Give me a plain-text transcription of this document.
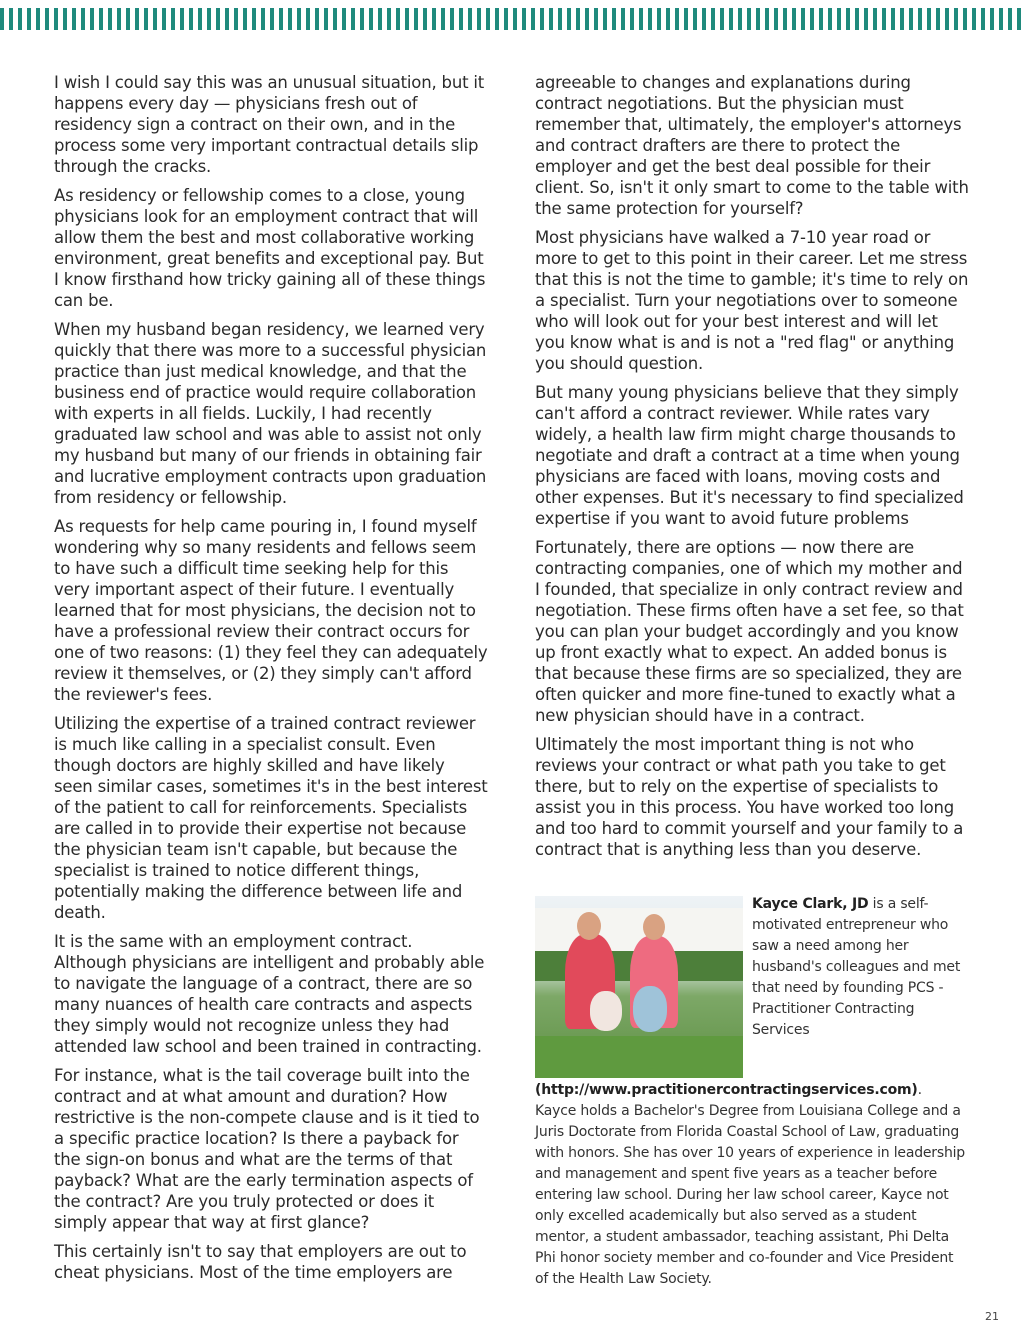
I wish I could say this was an unusual situation, but it happens every day — physicians fresh out of residency sign a contract on their own, and in the process some very important contractual details slip through the cracks.

As residency or fellowship comes to a close, young physicians look for an employment contract that will allow them the best and most collaborative working environment, great benefits and exceptional pay. But I know firsthand how tricky gaining all of these things can be.

When my husband began residency, we learned very quickly that there was more to a successful physician practice than just medical knowledge, and that the business end of practice would require collaboration with experts in all fields. Luckily, I had recently graduated law school and was able to assist not only my husband but many of our friends in obtaining fair and lucrative employment contracts upon graduation from residency or fellowship.

As requests for help came pouring in, I found myself wondering why so many residents and fellows seem to have such a difficult time seeking help for this very important aspect of their future. I eventually learned that for most physicians, the decision not to have a professional review their contract occurs for one of two reasons: (1) they feel they can adequately review it themselves, or (2) they simply can't afford the reviewer's fees.

Utilizing the expertise of a trained contract reviewer is much like calling in a specialist consult. Even though doctors are highly skilled and have likely seen similar cases, sometimes it's in the best interest of the patient to call for reinforcements. Specialists are called in to provide their expertise not because the physician team isn't capable, but because the specialist is trained to notice different things, potentially making the difference between life and death.

It is the same with an employment contract. Although physicians are intelligent and probably able to navigate the language of a contract, there are so many nuances of health care contracts and aspects they simply would not recognize unless they had attended law school and been trained in contracting.

For instance, what is the tail coverage built into the contract and at what amount and duration? How restrictive is the non-compete clause and is it tied to a specific practice location? Is there a payback for the sign-on bonus and what are the terms of that payback? What are the early termination aspects of the contract? Are you truly protected or does it simply appear that way at first glance?

This certainly isn't to say that employers are out to cheat physicians. Most of the time employers are

agreeable to changes and explanations during contract negotiations. But the physician must remember that, ultimately, the employer's attorneys and contract drafters are there to protect the employer and get the best deal possible for their client. So, isn't it only smart to come to the table with the same protection for yourself?

Most physicians have walked a 7-10 year road or more to get to this point in their career. Let me stress that this is not the time to gamble; it's time to rely on a specialist. Turn your negotiations over to someone who will look out for your best interest and will let you know what is and is not a "red flag" or anything you should question.

But many young physicians believe that they simply can't afford a contract reviewer. While rates vary widely, a health law firm might charge thousands to negotiate and draft a contract at a time when young physicians are faced with loans, moving costs and other expenses. But it's necessary to find specialized expertise if you want to avoid future problems

Fortunately, there are options — now there are contracting companies, one of which my mother and I founded, that specialize in only contract review and negotiation. These firms often have a set fee, so that you can plan your budget accordingly and you know up front exactly what to expect. An added bonus is that because these firms are so specialized, they are often quicker and more fine-tuned to exactly what a new physician should have in a contract.

Ultimately the most important thing is not who reviews your contract or what path you take to get there, but to rely on the expertise of specialists to assist you in this process. You have worked too long and too hard to commit yourself and your family to a contract that is anything less than you deserve.

Kayce Clark, JD is a self-motivated entrepreneur who saw a need among her husband's colleagues and met that need by founding PCS - Practitioner Contracting Services (http://www.practitionercontractingservices.com). Kayce holds a Bachelor's Degree from Louisiana College and a Juris Doctorate from Florida Coastal School of Law, graduating with honors. She has over 10 years of experience in leadership and management and spent five years as a teacher before entering law school. During her law school career, Kayce not only excelled academically but also served as a student mentor, a student ambassador, teaching assistant, Phi Delta Phi honor society member and co-founder and Vice President of the Health Law Society.
21
